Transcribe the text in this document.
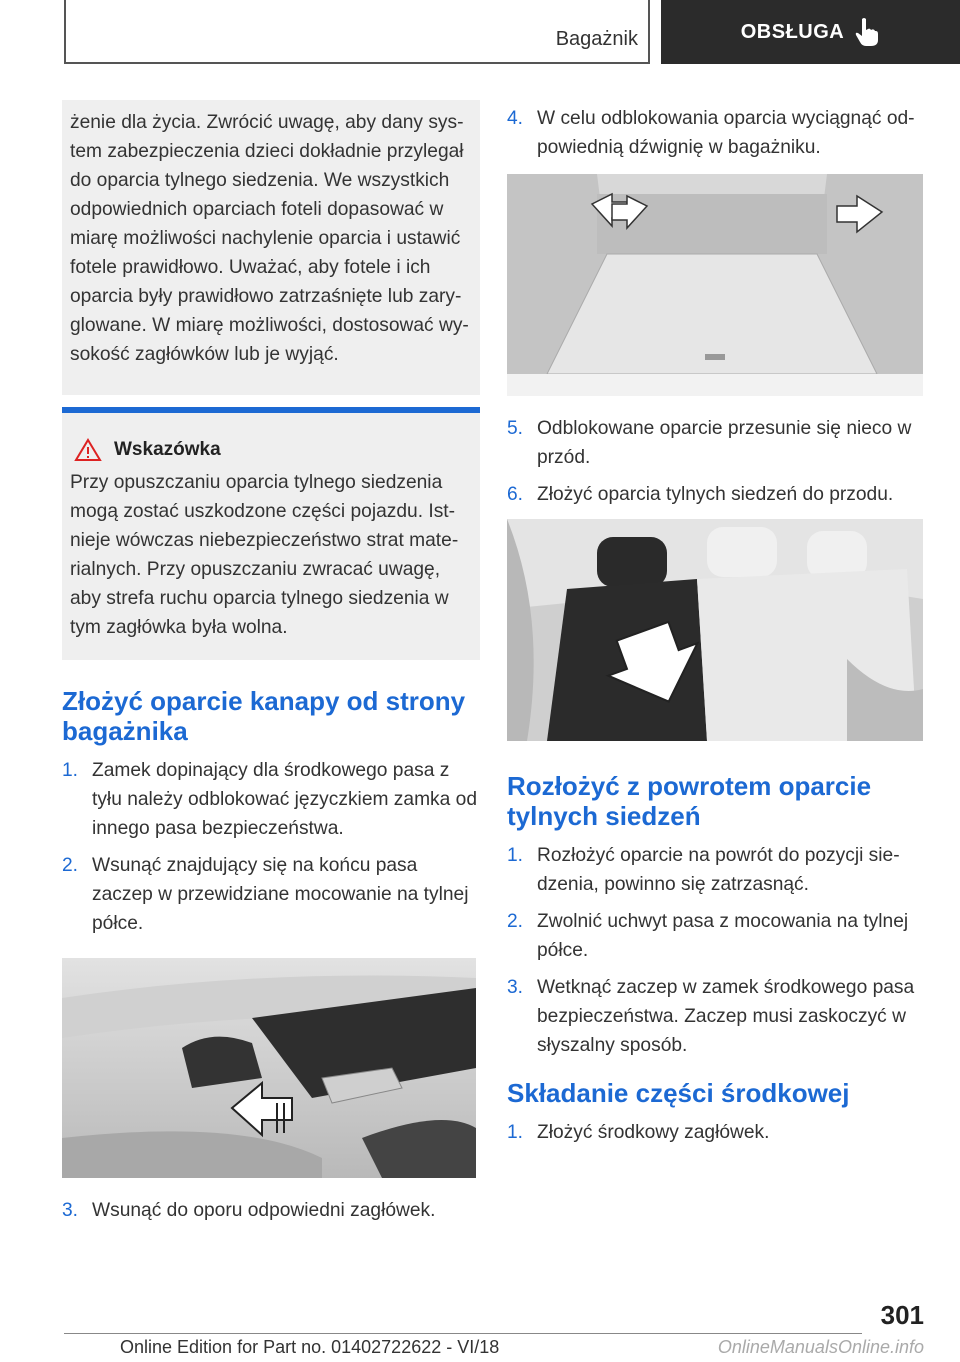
Bagażnik	OBSŁUGA

żenie dla życia. Zwrócić uwagę, aby dany system zabezpieczenia dzieci dokładnie przylegał do oparcia tylnego siedzenia. We wszystkich odpowiednich oparciach foteli dopasować w miarę możliwości nachylenie oparcia i ustawić fotele prawidłowo. Uważać, aby fotele i ich oparcia były prawidłowo zatrzaśnięte lub zaryglowane. W miarę możliwości, dostosować wysokość zagłówków lub je wyjąć.

Wskazówka

Przy opuszczaniu oparcia tylnego siedzenia mogą zostać uszkodzone części pojazdu. Istnieje wówczas niebezpieczeństwo strat materialnych. Przy opuszczaniu zwracać uwagę, aby strefa ruchu oparcia tylnego siedzenia w tym zagłówka była wolna.

Złożyć oparcie kanapy od strony bagażnika
1. Zamek dopinający dla środkowego pasa z tyłu należy odblokować języczkiem zamka od innego pasa bezpieczeństwa.
2. Wsunąć znajdujący się na końcu pasa zaczep w przewidziane mocowanie na tylnej półce.
3. Wsunąć do oporu odpowiedni zagłówek.
4. W celu odblokowania oparcia wyciągnąć odpowiednią dźwignię w bagażniku.
5. Odblokowane oparcie przesunie się nieco w przód.
6. Złożyć oparcia tylnych siedzeń do przodu.
Rozłożyć z powrotem oparcie tylnych siedzeń
1. Rozłożyć oparcie na powrót do pozycji siedzenia, powinno się zatrzasnąć.
2. Zwolnić uchwyt pasa z mocowania na tylnej półce.
3. Wetknąć zaczep w zamek środkowego pasa bezpieczeństwa. Zaczep musi zaskoczyć w słyszalny sposób.
Składanie części środkowej
1. Złożyć środkowy zagłówek.
301
Online Edition for Part no. 01402722622 - VI/18	OnlineManualsOnline.info
